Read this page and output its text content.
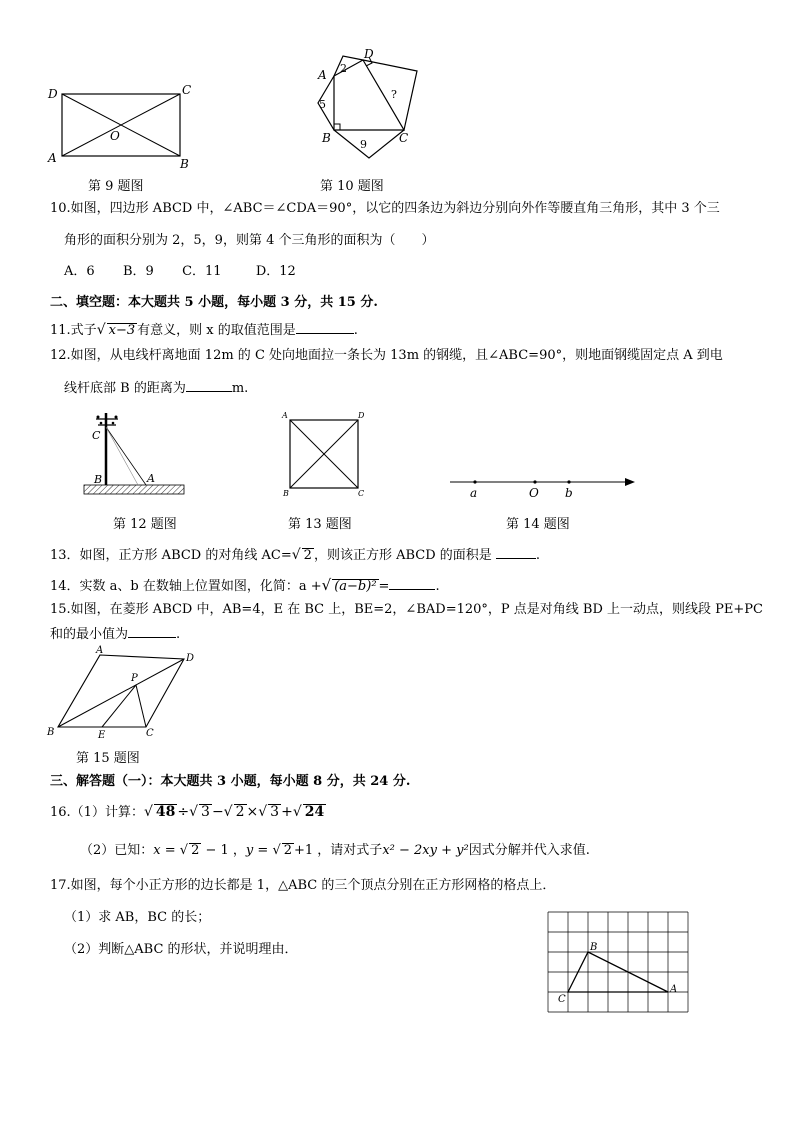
D	C
A	B
O
第 9 题图
A
D
B	C
2
5
9
?
第 10 题图
10.如图，四边形 ABCD 中，∠ABC＝∠CDA＝90°，以它的四条边为斜边分别向外作等腰直角三角形，其中 3 个三
角形的面积分别为 2，5，9，则第 4 个三角形的面积为（　　）
A．6 B．9 C．11	D．12
二、填空题：本大题共 5 小题，每小题 3 分，共 15 分.
11.式子√ x−3 有意义，则 x 的取值范围是	.
12.如图，从电线杆离地面 12m 的 C 处向地面拉一条长为 13m 的钢缆，且∠ABC=90°，则地面钢缆固定点 A 到电
线杆底部 B 的距离为	m.
C
B	A
第 12 题图
A	D
B	C
第 13 题图
a	O b
第 14 题图
13．如图，正方形 ABCD 的对角线 AC=√ 2 ，则该正方形 ABCD 的面积是	.
14．实数 a、b 在数轴上位置如图，化简：a +√ (a−b)² =	.
15.如图，在菱形 ABCD 中，AB=4，E 在 BC 上，BE=2，∠BAD=120°，P 点是对角线 BD 上一动点，则线段 PE+PC
和的最小值为	.
A
D
P
B	E	C
第 15 题图
三、解答题（一）：本大题共 3 小题，每小题 8 分，共 24 分.
16.（1）计算：√ 48 ÷√ 3 −√ 2 ×√ 3 +√ 24
（2）已知：x = √ 2 − 1 ，y = √ 2 +1 ，请对式子x² − 2xy + y²因式分解并代入求值.
17.如图，每个小正方形的边长都是 1，△ABC 的三个顶点分别在正方形网格的格点上．
（1）求 AB，BC 的长；
（2）判断△ABC 的形状，并说明理由．	B
C
A
